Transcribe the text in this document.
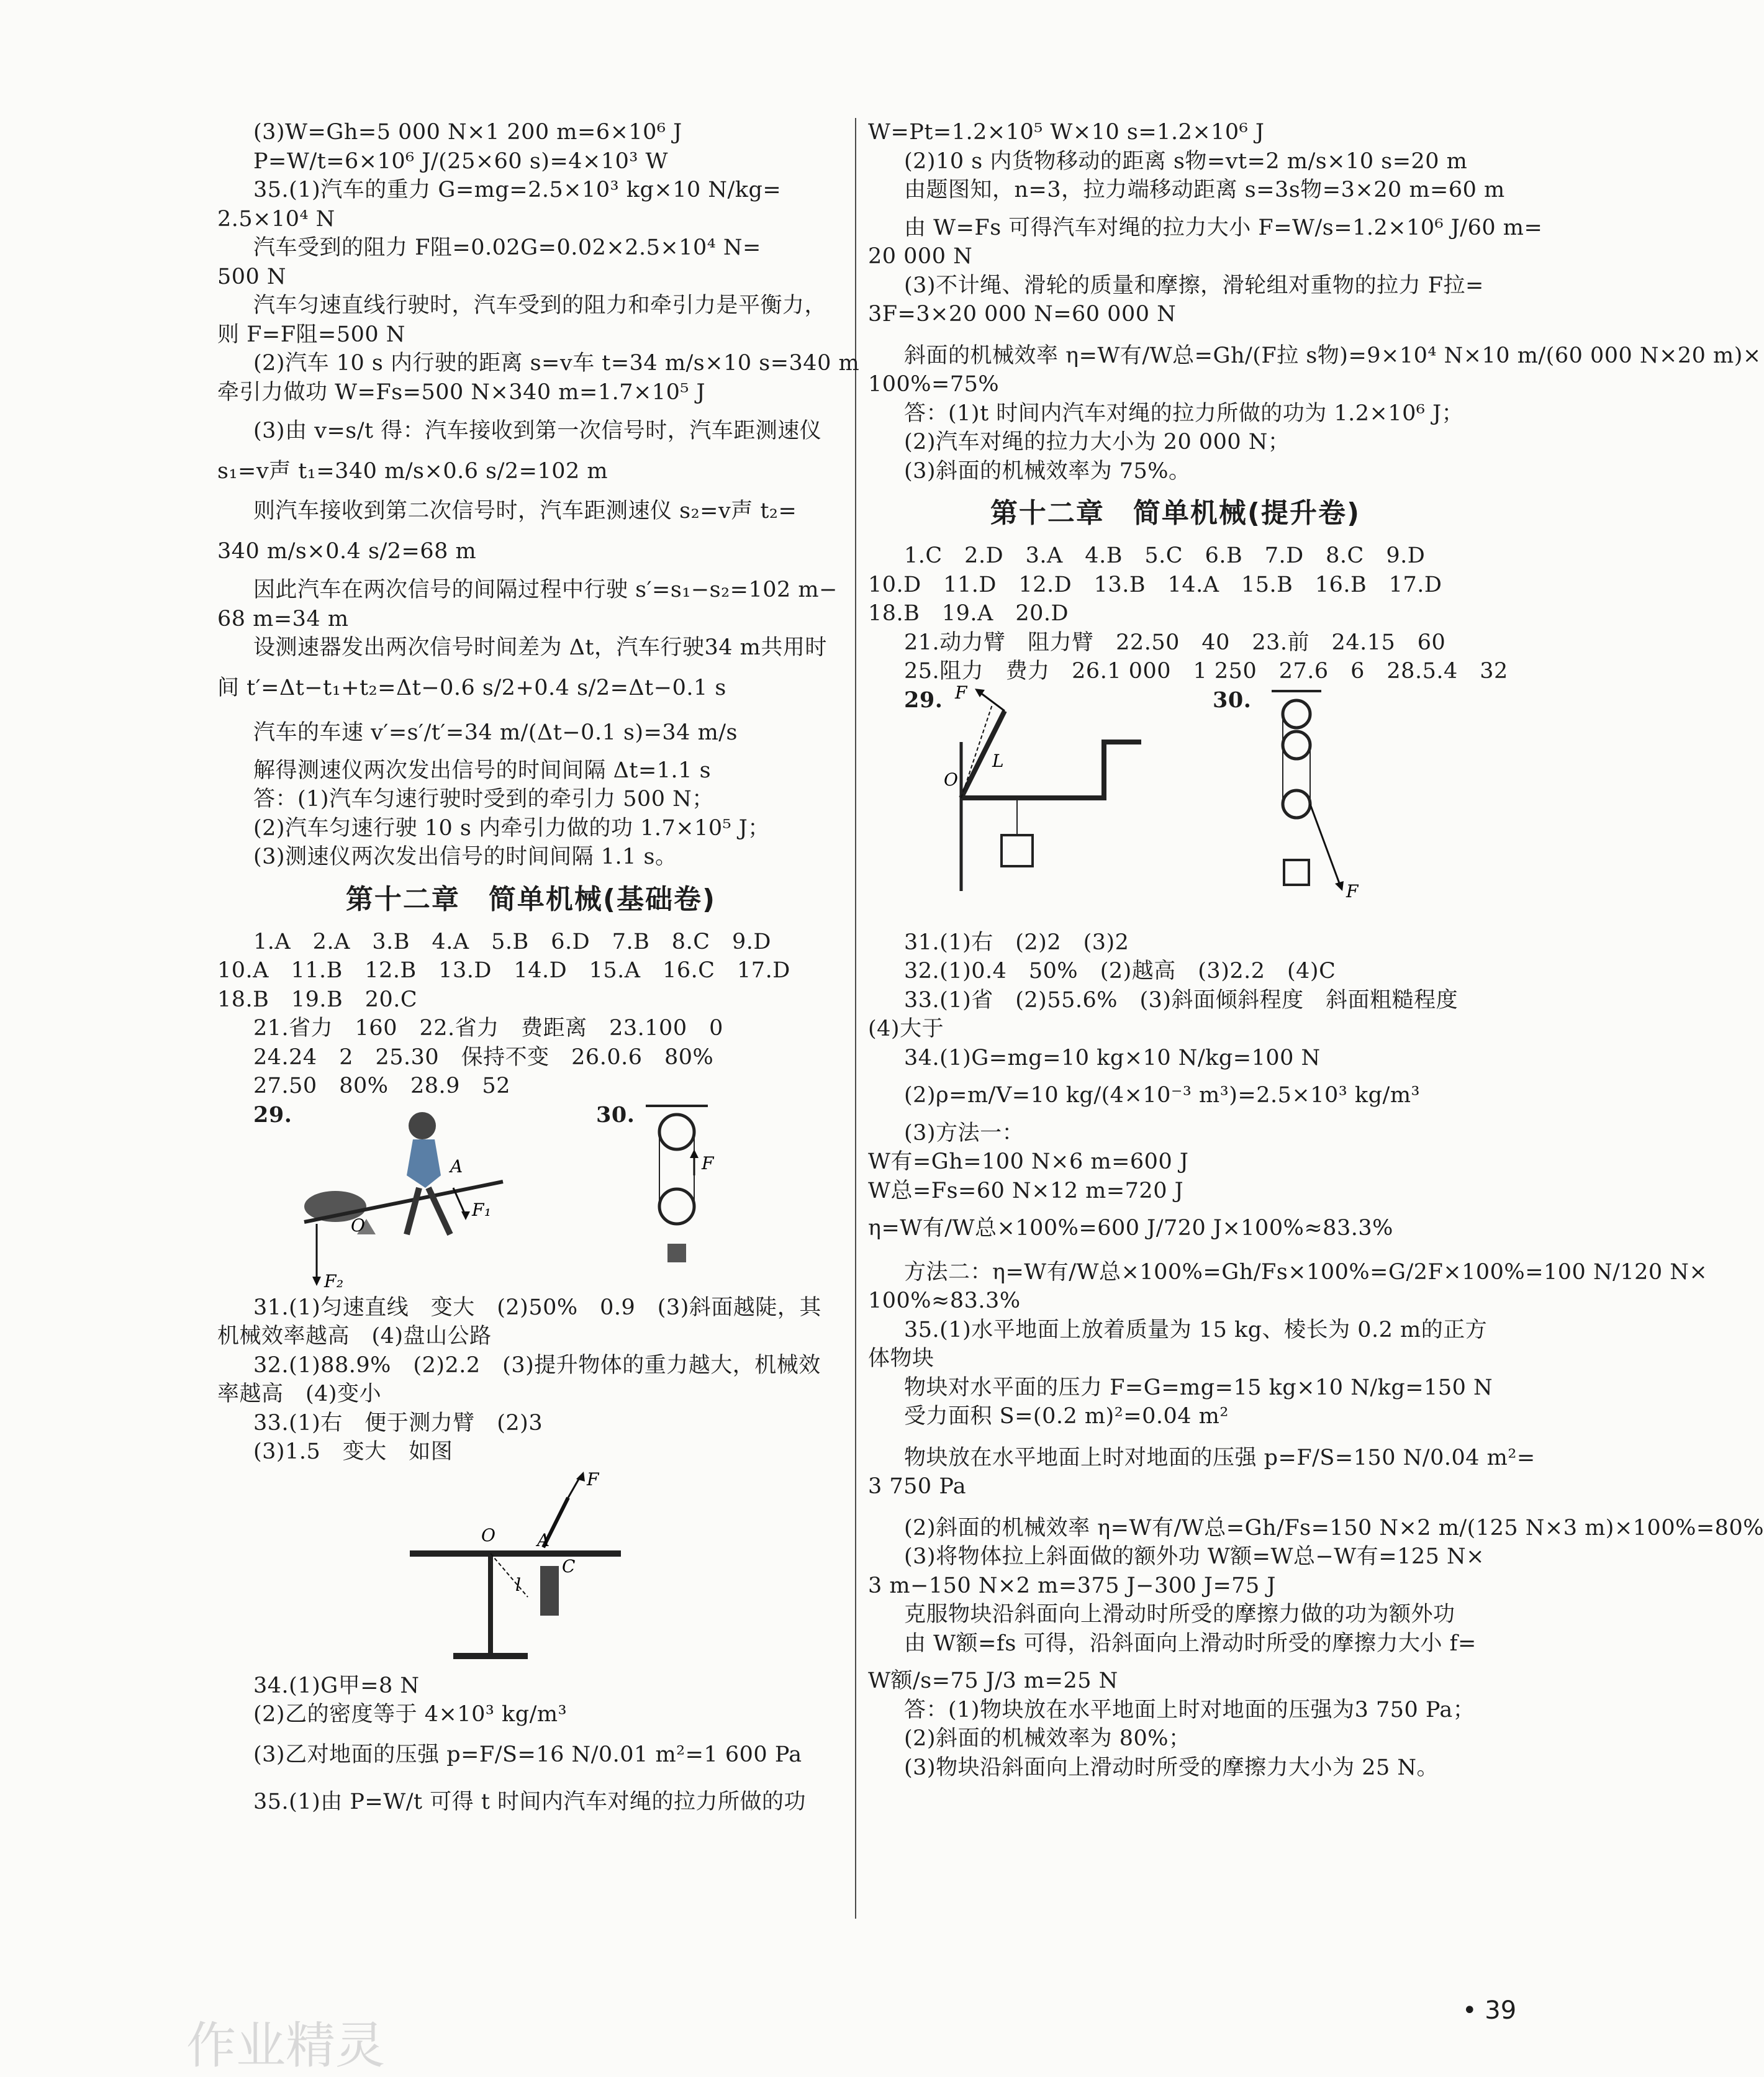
(3)W=Gh=5 000 N×1 200 m=6×10⁶ J
P=W/t=6×10⁶ J/(25×60 s)=4×10³ W
35.(1)汽车的重力 G=mg=2.5×10³ kg×10 N/kg=
2.5×10⁴ N
汽车受到的阻力 F阻=0.02G=0.02×2.5×10⁴ N=
500 N
汽车匀速直线行驶时，汽车受到的阻力和牵引力是平衡力，
则 F=F阻=500 N
(2)汽车 10 s 内行驶的距离 s=v车 t=34 m/s×10 s=340 m
牵引力做功 W=Fs=500 N×340 m=1.7×10⁵ J
(3)由 v=s/t 得：汽车接收到第一次信号时，汽车距测速仪
s₁=v声 t₁=340 m/s×0.6 s/2=102 m
则汽车接收到第二次信号时，汽车距测速仪 s₂=v声 t₂=
340 m/s×0.4 s/2=68 m
因此汽车在两次信号的间隔过程中行驶 s′=s₁−s₂=102 m−
68 m=34 m
设测速器发出两次信号时间差为 Δt，汽车行驶34 m共用时
间 t′=Δt−t₁+t₂=Δt−0.6 s/2+0.4 s/2=Δt−0.1 s
汽车的车速 v′=s′/t′=34 m/(Δt−0.1 s)=34 m/s
解得测速仪两次发出信号的时间间隔 Δt=1.1 s
答：(1)汽车匀速行驶时受到的牵引力 500 N；
(2)汽车匀速行驶 10 s 内牵引力做的功 1.7×10⁵ J；
(3)测速仪两次发出信号的时间间隔 1.1 s。
第十二章　简单机械(基础卷)
1.A　2.A　3.B　4.A　5.B　6.D　7.B　8.C　9.D
10.A　11.B　12.B　13.D　14.D　15.A　16.C　17.D
18.B　19.B　20.C
21.省力　160　22.省力　费距离　23.100　0
24.24　2　25.30　保持不变　26.0.6　80%
27.50　80%　28.9　52
29.
A
F₁
O
F₂
30.
F
31.(1)匀速直线　变大　(2)50%　0.9　(3)斜面越陡，其
机械效率越高　(4)盘山公路
32.(1)88.9%　(2)2.2　(3)提升物体的重力越大，机械效
率越高　(4)变小
33.(1)右　便于测力臂　(2)3
(3)1.5　变大　如图
F
O A
C
l
34.(1)G甲=8 N
(2)乙的密度等于 4×10³ kg/m³
(3)乙对地面的压强 p=F/S=16 N/0.01 m²=1 600 Pa
35.(1)由 P=W/t 可得 t 时间内汽车对绳的拉力所做的功
W=Pt=1.2×10⁵ W×10 s=1.2×10⁶ J
(2)10 s 内货物移动的距离 s物=vt=2 m/s×10 s=20 m
由题图知，n=3，拉力端移动距离 s=3s物=3×20 m=60 m
由 W=Fs 可得汽车对绳的拉力大小 F=W/s=1.2×10⁶ J/60 m=
20 000 N
(3)不计绳、滑轮的质量和摩擦，滑轮组对重物的拉力 F拉=
3F=3×20 000 N=60 000 N
斜面的机械效率 η=W有/W总=Gh/(F拉 s物)=9×10⁴ N×10 m/(60 000 N×20 m)×
100%=75%
答：(1)t 时间内汽车对绳的拉力所做的功为 1.2×10⁶ J；
(2)汽车对绳的拉力大小为 20 000 N；
(3)斜面的机械效率为 75%。
第十二章　简单机械(提升卷)
1.C　2.D　3.A　4.B　5.C　6.B　7.D　8.C　9.D
10.D　11.D　12.D　13.B　14.A　15.B　16.B　17.D
18.B　19.A　20.D
21.动力臂　阻力臂　22.50　40　23.前　24.15　60
25.阻力　费力　26.1 000　1 250　27.6　6　28.5.4　32
29. F
O
L
30.
F
31.(1)右　(2)2　(3)2
32.(1)0.4　50%　(2)越高　(3)2.2　(4)C
33.(1)省　(2)55.6%　(3)斜面倾斜程度　斜面粗糙程度
(4)大于
34.(1)G=mg=10 kg×10 N/kg=100 N
(2)ρ=m/V=10 kg/(4×10⁻³ m³)=2.5×10³ kg/m³
(3)方法一：
W有=Gh=100 N×6 m=600 J
W总=Fs=60 N×12 m=720 J
η=W有/W总×100%=600 J/720 J×100%≈83.3%
方法二：η=W有/W总×100%=Gh/Fs×100%=G/2F×100%=100 N/120 N×
100%≈83.3%
35.(1)水平地面上放着质量为 15 kg、棱长为 0.2 m的正方
体物块
物块对水平面的压力 F=G=mg=15 kg×10 N/kg=150 N
受力面积 S=(0.2 m)²=0.04 m²
物块放在水平地面上时对地面的压强 p=F/S=150 N/0.04 m²=
3 750 Pa
(2)斜面的机械效率 η=W有/W总=Gh/Fs=150 N×2 m/(125 N×3 m)×100%=80%
(3)将物体拉上斜面做的额外功 W额=W总−W有=125 N×
3 m−150 N×2 m=375 J−300 J=75 J
克服物块沿斜面向上滑动时所受的摩擦力做的功为额外功
由 W额=fs 可得，沿斜面向上滑动时所受的摩擦力大小 f=
W额/s=75 J/3 m=25 N
答：(1)物块放在水平地面上时对地面的压强为3 750 Pa；
(2)斜面的机械效率为 80%；
(3)物块沿斜面向上滑动时所受的摩擦力大小为 25 N。
作业精灵
• 39
